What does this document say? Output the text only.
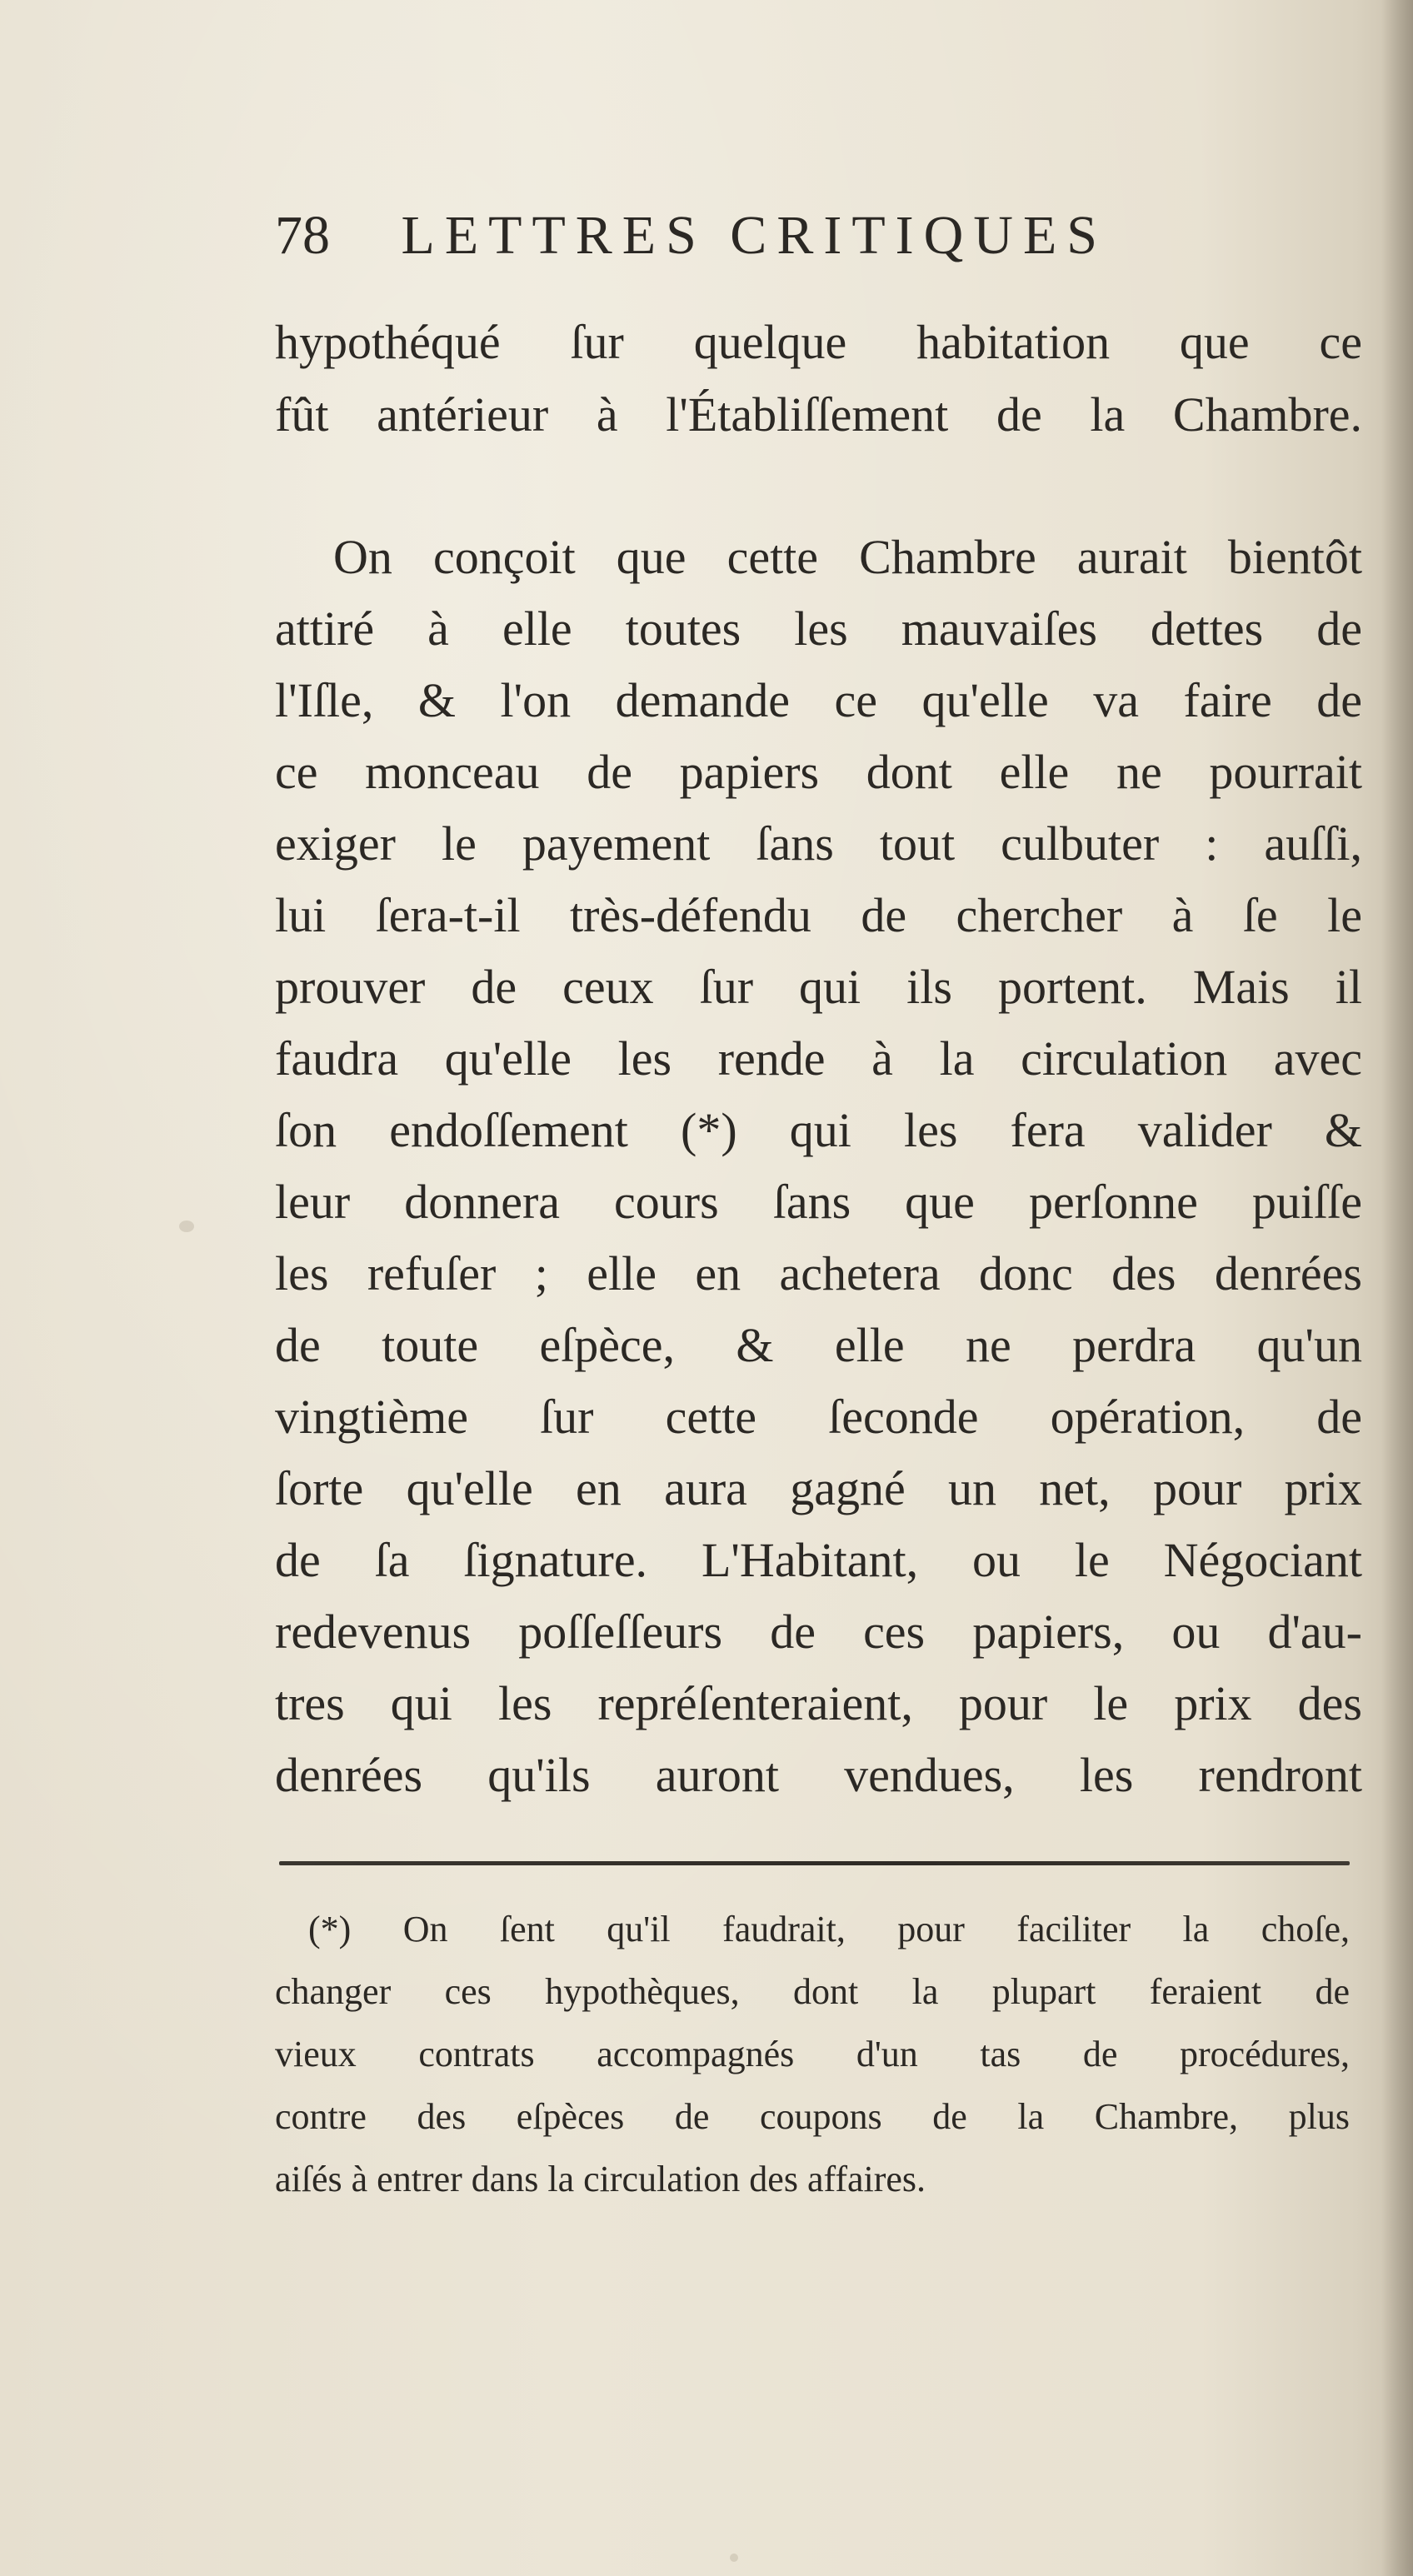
78 LETTRES CRITIQUES
hypothéqué ſur quelque habitation que ce
fût antérieur à l'Établiſſement de la Chambre.
On conçoit que cette Chambre aurait bientôt
attiré à elle toutes les mauvaiſes dettes de
l'Iſle, & l'on demande ce qu'elle va faire de
ce monceau de papiers dont elle ne pourrait
exiger le payement ſans tout culbuter : auſſi,
lui ſera-t-il très-défendu de chercher à ſe le
prouver de ceux ſur qui ils portent. Mais il
faudra qu'elle les rende à la circulation avec
ſon endoſſement (*) qui les fera valider &
leur donnera cours ſans que perſonne puiſſe
les refuſer ; elle en achetera donc des denrées
de toute eſpèce, & elle ne perdra qu'un
vingtième ſur cette ſeconde opération, de
ſorte qu'elle en aura gagné un net, pour prix
de ſa ſignature. L'Habitant, ou le Négociant
redevenus poſſeſſeurs de ces papiers, ou d'au-
tres qui les repréſenteraient, pour le prix des
denrées qu'ils auront vendues, les rendront
(*) On ſent qu'il faudrait, pour faciliter la choſe,
changer ces hypothèques, dont la plupart feraient de
vieux contrats accompagnés d'un tas de procédures,
contre des eſpèces de coupons de la Chambre, plus
aiſés à entrer dans la circulation des affaires.
